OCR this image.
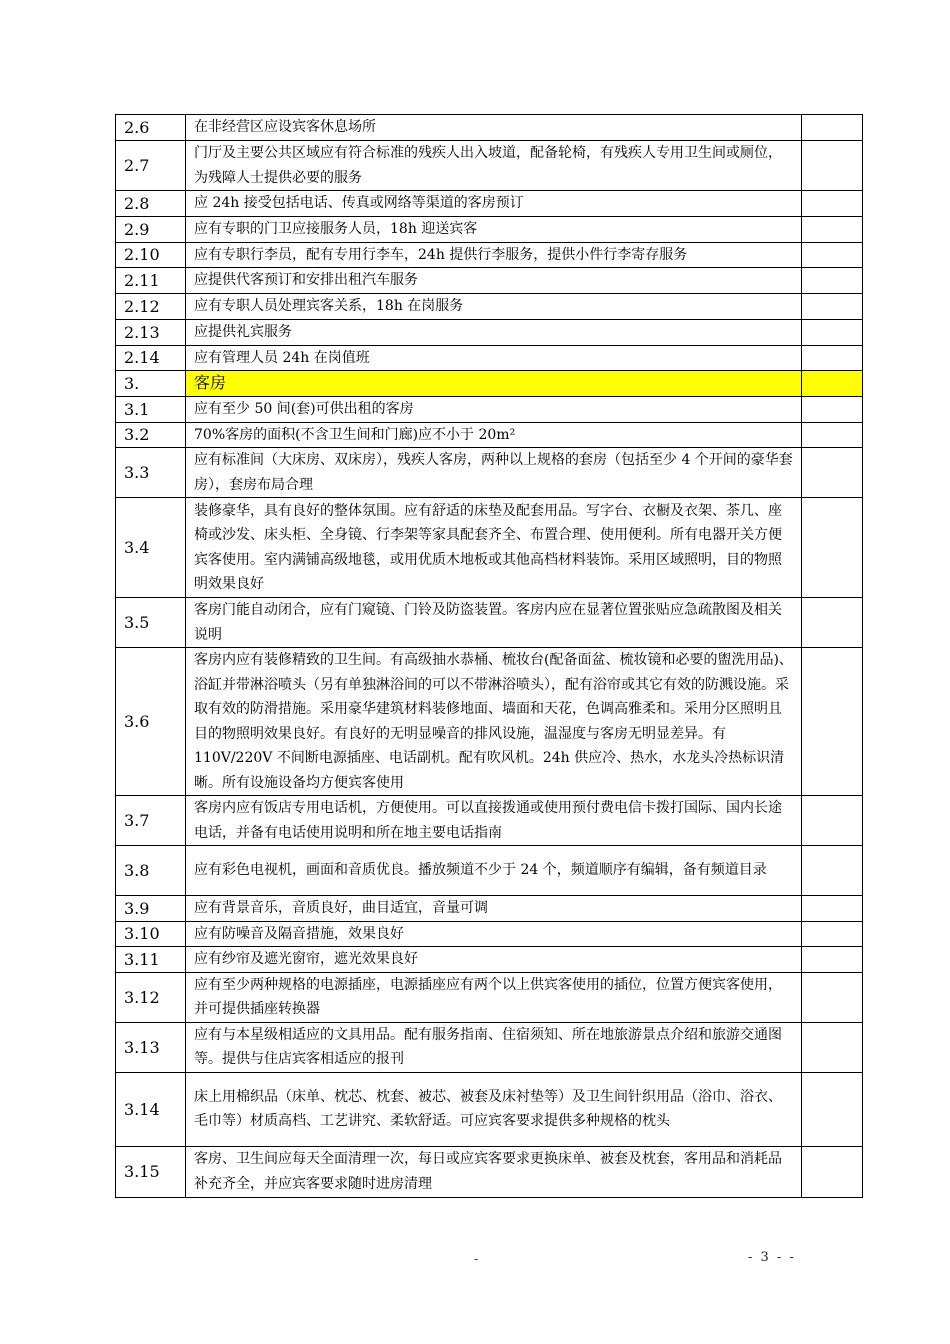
2.6	在非经营区应设宾客休息场所	
2.7	门厅及主要公共区域应有符合标准的残疾人出入坡道，配备轮椅，有残疾人专用卫生间或厕位，为残障人士提供必要的服务	
2.8	应 24h 接受包括电话、传真或网络等渠道的客房预订	
2.9	应有专职的门卫应接服务人员，18h 迎送宾客	
2.10	应有专职行李员，配有专用行李车，24h 提供行李服务，提供小件行李寄存服务	
2.11	应提供代客预订和安排出租汽车服务	
2.12	应有专职人员处理宾客关系，18h 在岗服务	
2.13	应提供礼宾服务	
2.14	应有管理人员 24h 在岗值班	
3.	客房	
3.1	应有至少 50 间(套)可供出租的客房	
3.2	70%客房的面积(不含卫生间和门廊)应不小于 20m²	
3.3	应有标准间（大床房、双床房），残疾人客房，两种以上规格的套房（包括至少 4 个开间的豪华套房），套房布局合理	
3.4	装修豪华，具有良好的整体氛围。应有舒适的床垫及配套用品。写字台、衣橱及衣架、茶几、座椅或沙发、床头柜、全身镜、行李架等家具配套齐全、布置合理、使用便利。所有电器开关方便宾客使用。室内满铺高级地毯，或用优质木地板或其他高档材料装饰。采用区域照明，目的物照明效果良好	
3.5	客房门能自动闭合，应有门窥镜、门铃及防盗装置。客房内应在显著位置张贴应急疏散图及相关说明	
3.6	客房内应有装修精致的卫生间。有高级抽水恭桶、梳妆台(配备面盆、梳妆镜和必要的盥洗用品)、浴缸并带淋浴喷头（另有单独淋浴间的可以不带淋浴喷头），配有浴帘或其它有效的防溅设施。采取有效的防滑措施。采用豪华建筑材料装修地面、墙面和天花，色调高雅柔和。采用分区照明且目的物照明效果良好。有良好的无明显噪音的排风设施，温湿度与客房无明显差异。有 110V/220V 不间断电源插座、电话副机。配有吹风机。24h 供应冷、热水，水龙头冷热标识清晰。所有设施设备均方便宾客使用	
3.7	客房内应有饭店专用电话机，方便使用。可以直接拨通或使用预付费电信卡拨打国际、国内长途电话，并备有电话使用说明和所在地主要电话指南	
3.8	应有彩色电视机，画面和音质优良。播放频道不少于 24 个，频道顺序有编辑，备有频道目录	
3.9	应有背景音乐，音质良好，曲目适宜，音量可调	
3.10	应有防噪音及隔音措施，效果良好	
3.11	应有纱帘及遮光窗帘，遮光效果良好	
3.12	应有至少两种规格的电源插座，电源插座应有两个以上供宾客使用的插位，位置方便宾客使用，并可提供插座转换器	
3.13	应有与本星级相适应的文具用品。配有服务指南、住宿须知、所在地旅游景点介绍和旅游交通图等。提供与住店宾客相适应的报刊	
3.14	床上用棉织品（床单、枕芯、枕套、被芯、被套及床衬垫等）及卫生间针织用品（浴巾、浴衣、毛巾等）材质高档、工艺讲究、柔软舒适。可应宾客要求提供多种规格的枕头	
3.15	客房、卫生间应每天全面清理一次，每日或应宾客要求更换床单、被套及枕套，客用品和消耗品补充齐全，并应宾客要求随时进房清理	
-	- 3 - -
